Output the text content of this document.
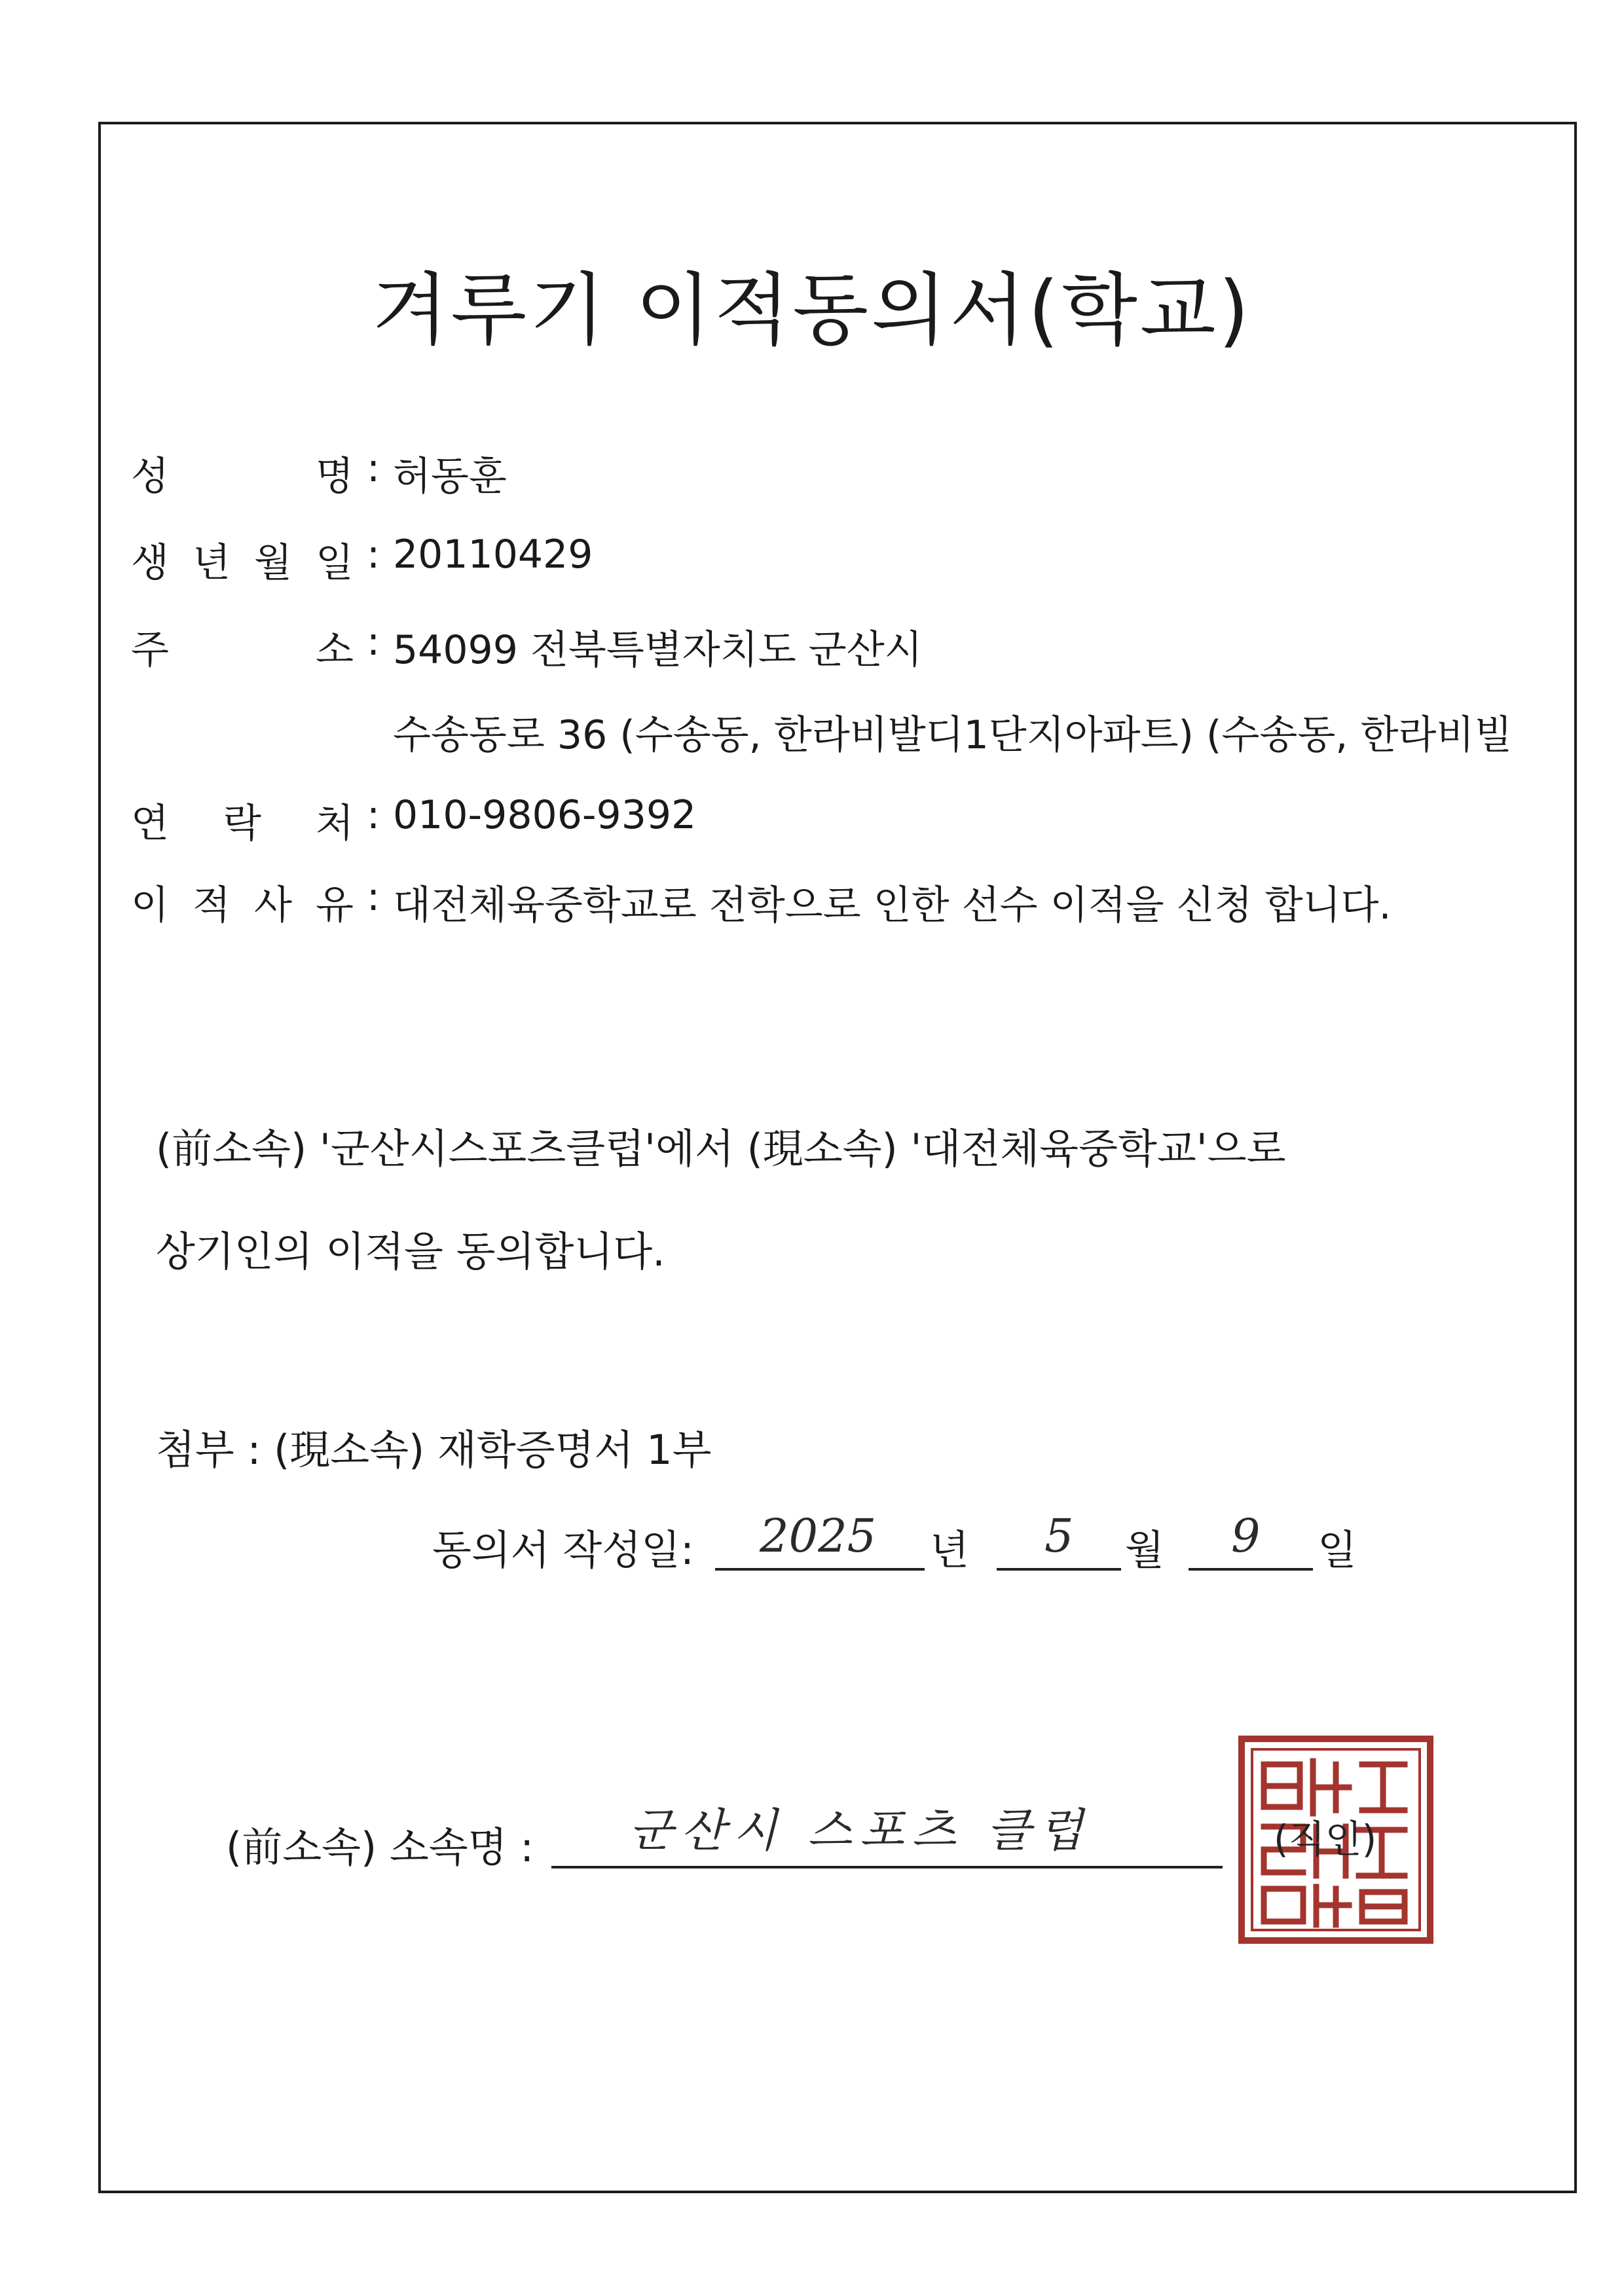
겨루기 이적동의서(학교)
성	명 : 허동훈
생 년 월 일 : 20110429
주	소 : 54099 전북특별자치도 군산시
수송동로 36 (수송동, 한라비발디1단지아파트) (수송동, 한라비빌
연 락 처 : 010-9806-9392
이 적 사 유 : 대전체육중학교로 전학으로 인한 선수 이적을 신청 합니다.
(前소속) '군산시스포츠클럽'에서 (現소속) '대전체육중학교'으로
상기인의 이적을 동의합니다.
첨부 : (現소속) 재학증명서 1부
동의서 작성일: 2025 년 5 월 9 일
(前소속) 소속명 : 군산시 스포츠 클럽	(직인)
